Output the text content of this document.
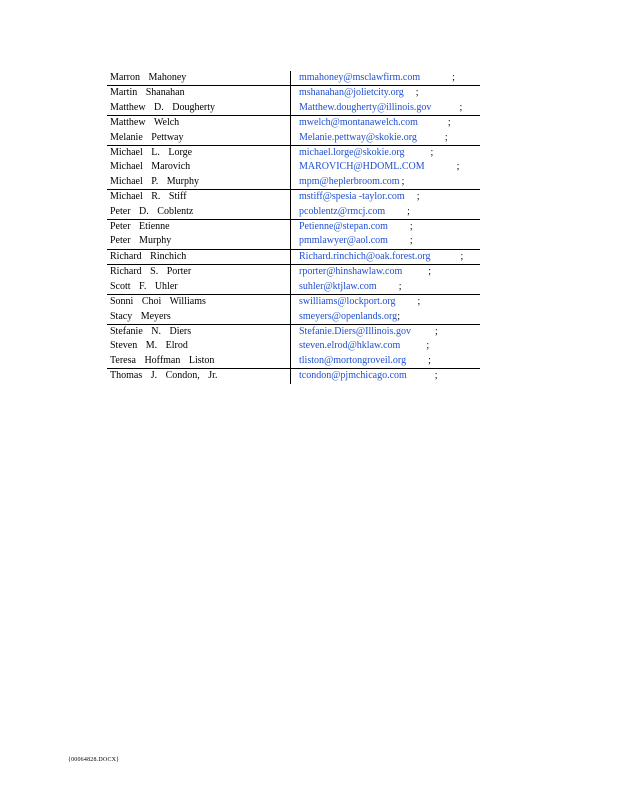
Marron Mahoney	mmahoney@msclawfirm.com ;
Martin Shanahan	mshanahan@jolietcity.org ;
Matthew D. Dougherty	Matthew.dougherty@illinois.gov ;
Matthew Welch	mwelch@montanawelch.com ;
Melanie Pettway	Melanie.pettway@skokie.org ;
Michael L. Lorge	michael.lorge@skokie.org ;
Michael Marovich	MAROVICH@HDOML.COM ;
Michael P. Murphy	mpm@heplerbroom.com ;
Michael R. Stiff	mstiff@spesia -taylor.com ;
Peter D. Coblentz	pcoblentz@rmcj.com ;
Peter Etienne	Petienne@stepan.com ;
Peter Murphy	pmmlawyer@aol.com ;
Richard Rinchich	Richard.rinchich@oak.forest.org ;
Richard S. Porter	rporter@hinshawlaw.com ;
Scott F. Uhler	suhler@ktjlaw.com ;
Sonni Choi Williams	swilliams@lockport.org ;
Stacy Meyers	smeyers@openlands.org;
Stefanie N. Diers	Stefanie.Diers@Illinois.gov ;
Steven M. Elrod	steven.elrod@hklaw.com ;
Teresa Hoffman Liston	tliston@mortongroveil.org ;
Thomas J. Condon, Jr.	tcondon@pjmchicago.com ;
{00064828.DOCX}
